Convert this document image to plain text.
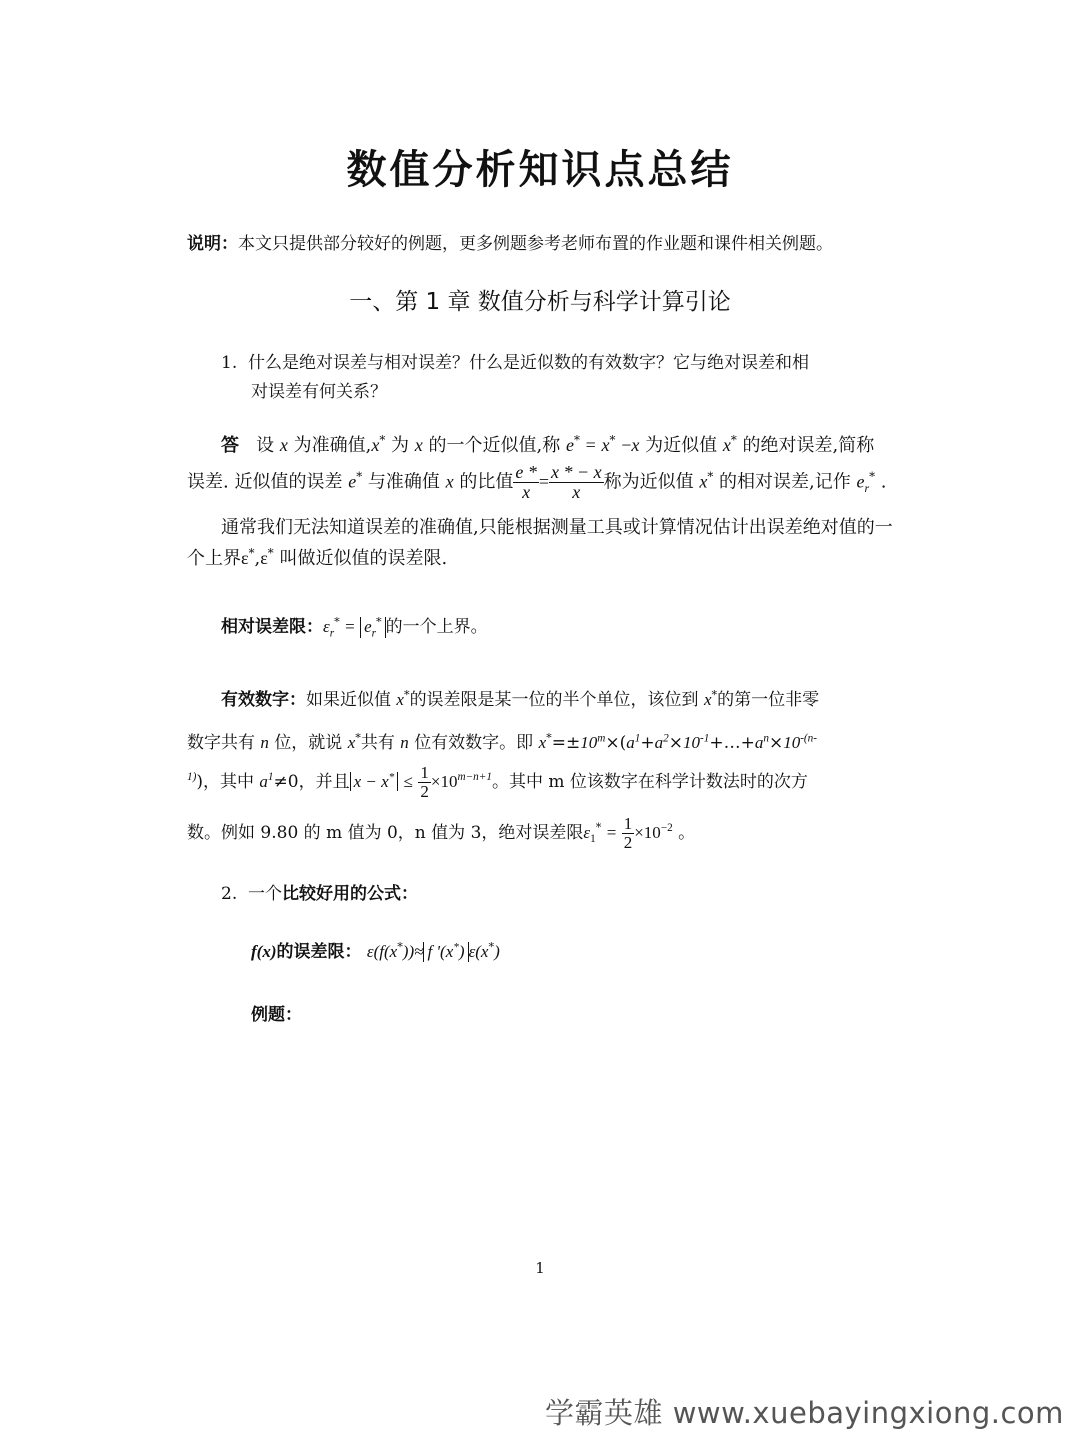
数值分析知识点总结
说明：本文只提供部分较好的例题，更多例题参考老师布置的作业题和课件相关例题。
一、第 1 章 数值分析与科学计算引论
1. 什么是绝对误差与相对误差？什么是近似数的有效数字？它与绝对误差和相
对误差有何关系？
答 设 x 为准确值,x* 为 x 的一个近似值,称 e* = x* −x 为近似值 x* 的绝对误差,简称
误差. 近似值的误差 e* 与准确值 x 的比值 $\frac{e *}{x} = \frac{x * - x}{x}$ 称为近似值 x* 的相对误差,记作 $e_r^*$ .
通常我们无法知道误差的准确值,只能根据测量工具或计算情况估计出误差绝对值的一
个上界ε*,ε* 叫做近似值的误差限.
相对误差限：$\varepsilon_r^* = e_r^*$ 的一个上界。
有效数字：如果近似值 x*的误差限是某一位的半个单位，该位到 x*的第一位非零
数字共有 n 位，就说 x*共有 n 位有效数字。即 $x^*=\pm 10^m\times(a^1+a^2\times 10^{-1}+\dots+a^n\times 10^{-(n-}$
$^{1)}$)，其中 $a^1\ne 0$，并且 $x - x^* \le \frac{1}{2} \times 10^{m-n+1}$。其中 m 位该数字在科学计数法时的次方
数。例如 9.80 的 m 值为 0，n 值为 3，绝对误差限$\varepsilon_1^* = \frac{1}{2} \times 10^{-2}$ 。
2. 一个比较好用的公式：
f(x)的误差限： ε(f(x*))≈ f '(x*) ε(x*)
例题：
1
学霸英雄 www.xuebayingxiong.com
